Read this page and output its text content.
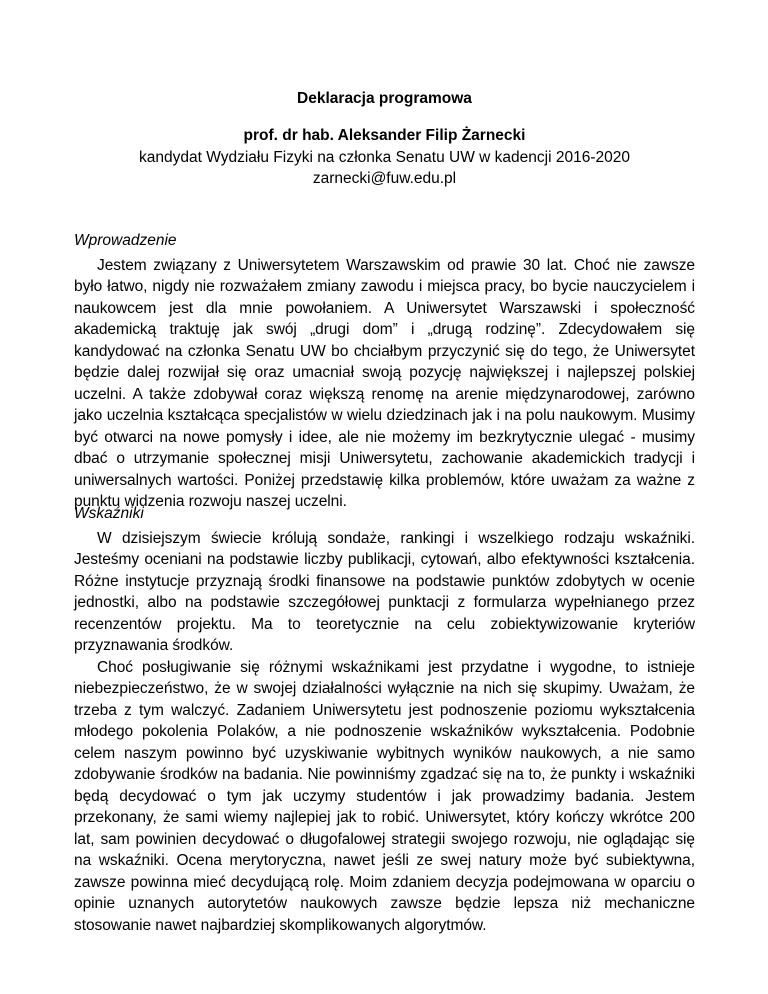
Deklaracja programowa
prof. dr hab. Aleksander Filip Żarnecki
kandydat Wydziału Fizyki na członka Senatu UW w kadencji 2016-2020
zarnecki@fuw.edu.pl

Wprowadzenie

Jestem związany z Uniwersytetem Warszawskim od prawie 30 lat. Choć nie zawsze było łatwo, nigdy nie rozważałem zmiany zawodu i miejsca pracy, bo bycie nauczycielem i naukowcem jest dla mnie powołaniem. A Uniwersytet Warszawski i społeczność akademicką traktuję jak swój „drugi dom” i „drugą rodzinę”. Zdecydowałem się kandydować na członka Senatu UW bo chciałbym przyczynić się do tego, że Uniwersytet będzie dalej rozwijał się oraz umacniał swoją pozycję największej i najlepszej polskiej uczelni. A także zdobywał coraz większą renomę na arenie międzynarodowej, zarówno jako uczelnia kształcąca specjalistów w wielu dziedzinach jak i na polu naukowym. Musimy być otwarci na nowe pomysły i idee, ale nie możemy im bezkrytycznie ulegać - musimy dbać o utrzymanie społecznej misji Uniwersytetu, zachowanie akademickich tradycji i uniwersalnych wartości. Poniżej przedstawię kilka problemów, które uważam za ważne z punktu widzenia rozwoju naszej uczelni.

Wskaźniki

W dzisiejszym świecie królują sondaże, rankingi i wszelkiego rodzaju wskaźniki. Jesteśmy oceniani na podstawie liczby publikacji, cytowań, albo efektywności kształcenia. Różne instytucje przyznają środki finansowe na podstawie punktów zdobytych w ocenie jednostki, albo na podstawie szczegółowej punktacji z formularza wypełnianego przez recenzentów projektu. Ma to teoretycznie na celu zobiektywizowanie kryteriów przyznawania środków.

Choć posługiwanie się różnymi wskaźnikami jest przydatne i wygodne, to istnieje niebezpieczeństwo, że w swojej działalności wyłącznie na nich się skupimy. Uważam, że trzeba z tym walczyć. Zadaniem Uniwersytetu jest podnoszenie poziomu wykształcenia młodego pokolenia Polaków, a nie podnoszenie wskaźników wykształcenia. Podobnie celem naszym powinno być uzyskiwanie wybitnych wyników naukowych, a nie samo zdobywanie środków na badania. Nie powinniśmy zgadzać się na to, że punkty i wskaźniki będą decydować o tym jak uczymy studentów i jak prowadzimy badania. Jestem przekonany, że sami wiemy najlepiej jak to robić. Uniwersytet, który kończy wkrótce 200 lat, sam powinien decydować o długofalowej strategii swojego rozwoju, nie oglądając się na wskaźniki. Ocena merytoryczna, nawet jeśli ze swej natury może być subiektywna, zawsze powinna mieć decydującą rolę. Moim zdaniem decyzja podejmowana w oparciu o opinie uznanych autorytetów naukowych zawsze będzie lepsza niż mechaniczne stosowanie nawet najbardziej skomplikowanych algorytmów.
